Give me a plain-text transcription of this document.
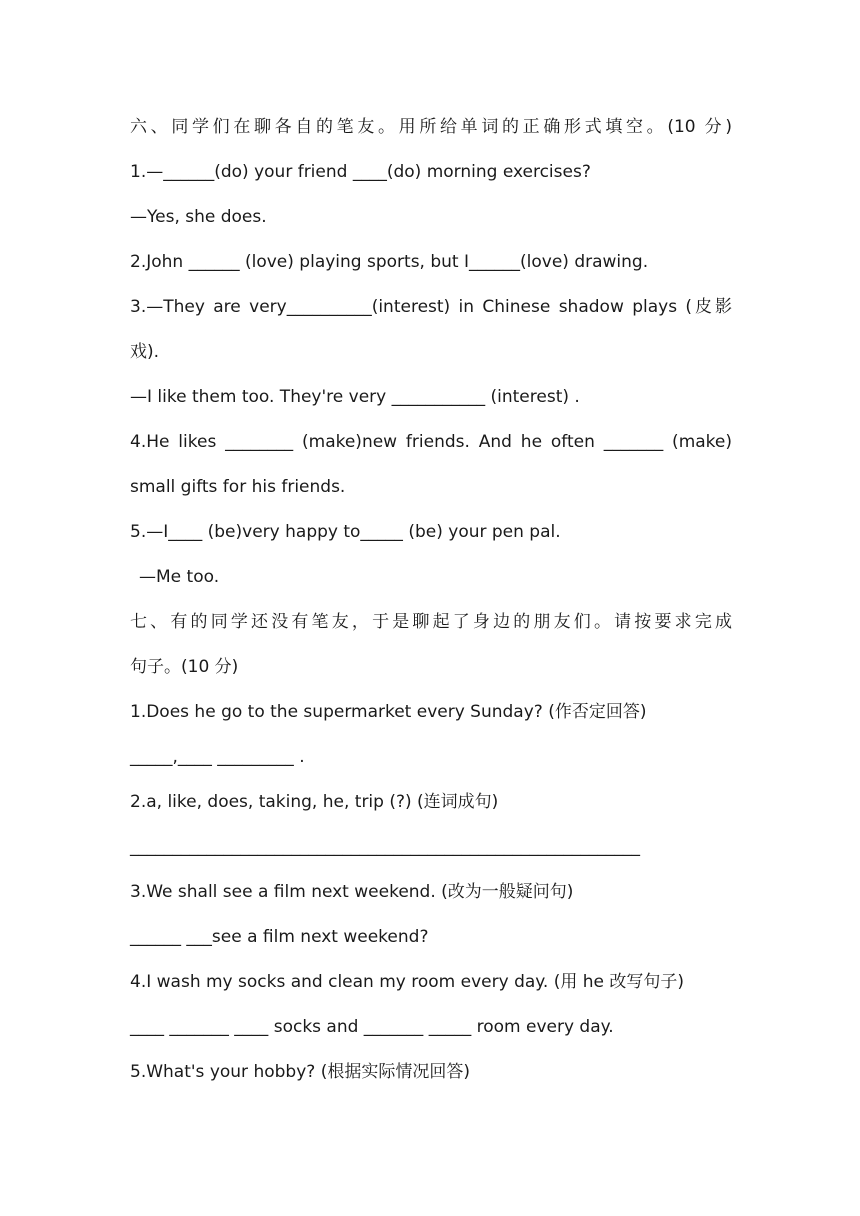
六、同学们在聊各自的笔友。用所给单词的正确形式填空。(10 分)
1.—______(do) your friend ____(do) morning exercises?
—Yes, she does.
2.John ______ (love) playing sports, but I______(love) drawing.
3.—They are very__________(interest) in Chinese shadow plays (皮影
戏).
—I like them too. They're very ___________ (interest) .
4.He likes ________ (make)new friends. And he often _______ (make)
small gifts for his friends.
5.—I____ (be)very happy to_____ (be) your pen pal.
—Me too.
七、有的同学还没有笔友，于是聊起了身边的朋友们。请按要求完成
句子。(10 分)
1.Does he go to the supermarket every Sunday? (作否定回答)
_____,____ _________ .
2.a, like, does, taking, he, trip (?) (连词成句)
____________________________________________________________
3.We shall see a film next weekend. (改为一般疑问句)
______ ___see a film next weekend?
4.I wash my socks and clean my room every day. (用 he 改写句子)
____ _______ ____ socks and _______ _____ room every day.
5.What's your hobby? (根据实际情况回答)
